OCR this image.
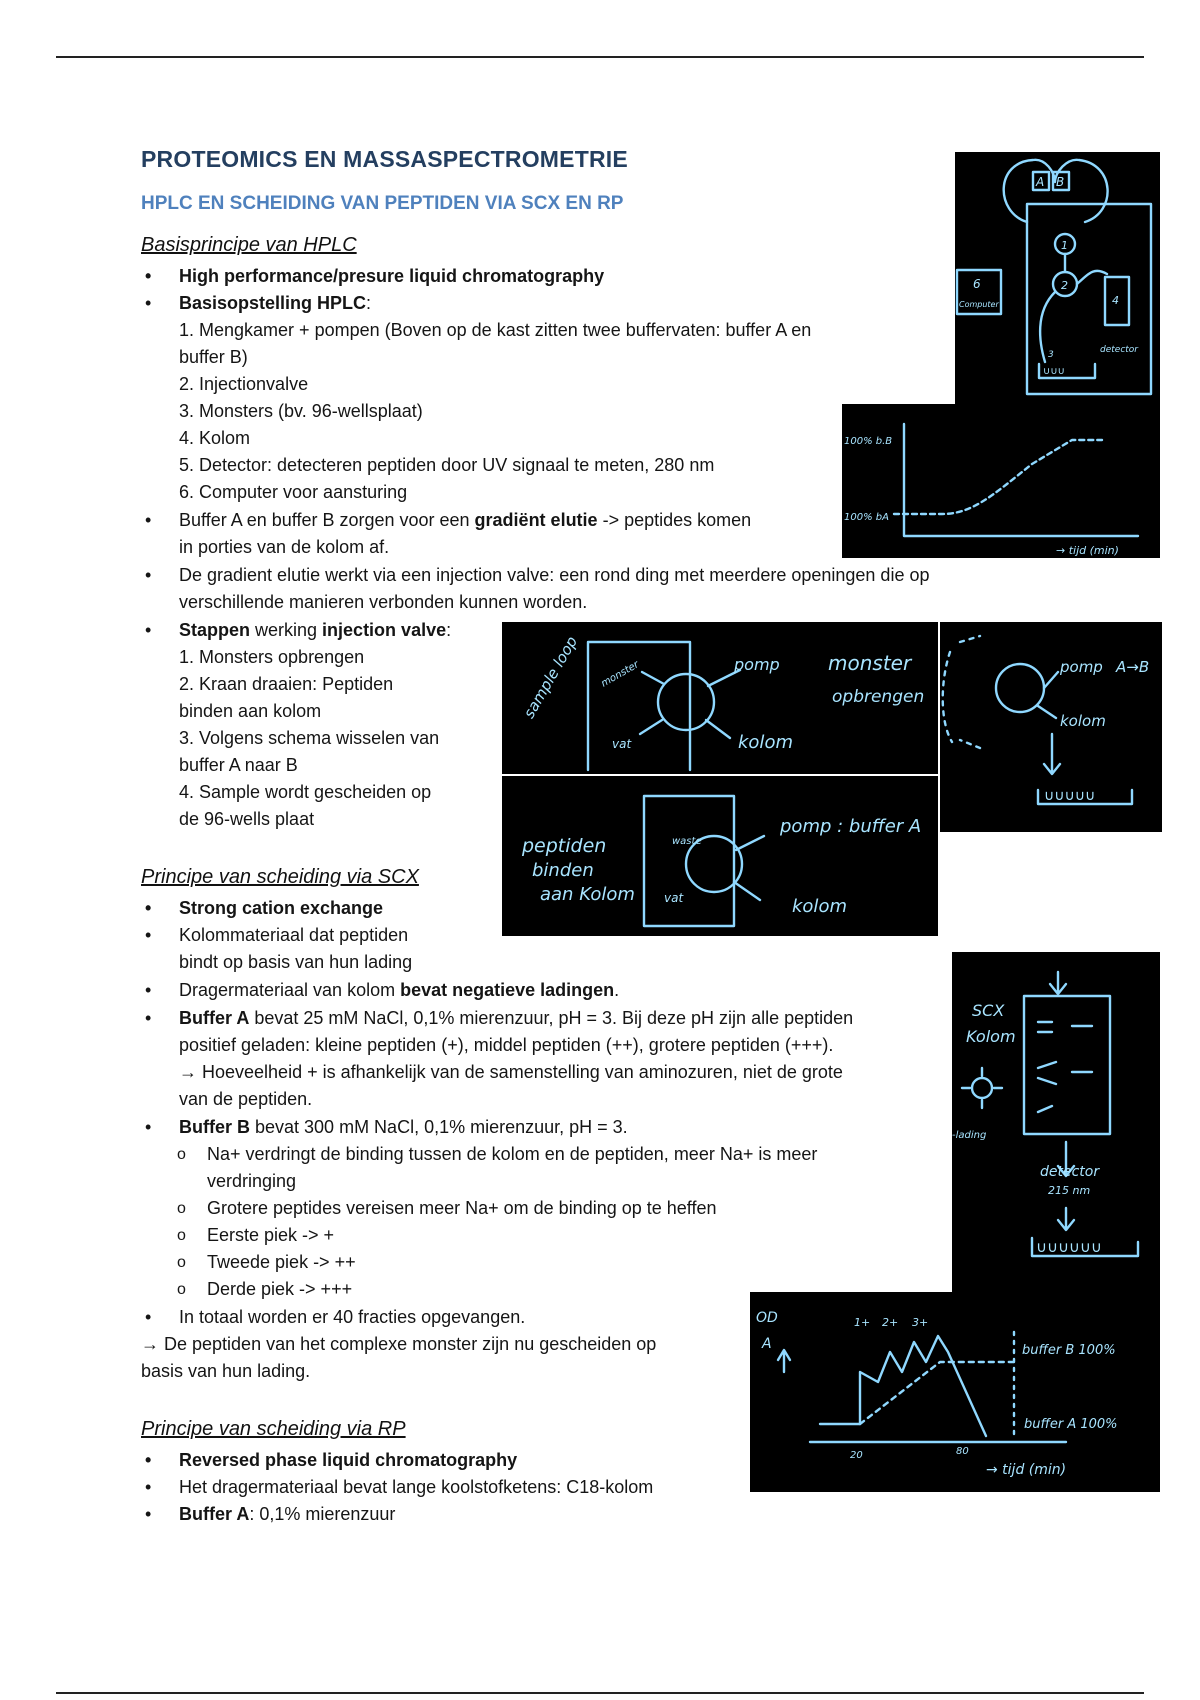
PROTEOMICS EN MASSASPECTROMETRIE
HPLC EN SCHEIDING VAN PEPTIDEN VIA SCX EN RP
Basisprincipe van HPLC
• High performance/presure liquid chromatography
• Basisopstelling HPLC:
1. Mengkamer + pompen (Boven op de kast zitten twee buffervaten: buffer A en
buffer B)
2. Injectionvalve
3. Monsters (bv. 96-wellsplaat)
4. Kolom
5. Detector: detecteren peptiden door UV signaal te meten, 280 nm
6. Computer voor aansturing
• Buffer A en buffer B zorgen voor een gradiënt elutie -> peptides komen
in porties van de kolom af.
• De gradient elutie werkt via een injection valve: een rond ding met meerdere openingen die op
verschillende manieren verbonden kunnen worden.
• Stappen werking injection valve:
1. Monsters opbrengen
2. Kraan draaien: Peptiden
binden aan kolom
3. Volgens schema wisselen van
buffer A naar B
4. Sample wordt gescheiden op
de 96-wells plaat
Principe van scheiding via SCX
• Strong cation exchange
• Kolommateriaal dat peptiden
bindt op basis van hun lading
• Dragermateriaal van kolom bevat negatieve ladingen.
• Buffer A bevat 25 mM NaCl, 0,1% mierenzuur, pH = 3. Bij deze pH zijn alle peptiden
positief geladen: kleine peptiden (+), middel peptiden (++), grotere peptiden (+++).
→ Hoeveelheid + is afhankelijk van de samenstelling van aminozuren, niet de grote
van de peptiden.
• Buffer B bevat 300 mM NaCl, 0,1% mierenzuur, pH = 3.
o Na+ verdringt de binding tussen de kolom en de peptiden, meer Na+ is meer
verdringing
o Grotere peptides vereisen meer Na+ om de binding op te heffen
o Eerste piek -> +
o Tweede piek -> ++
o Derde piek -> +++
• In totaal worden er 40 fracties opgevangen.
→ De peptiden van het complexe monster zijn nu gescheiden op
basis van hun lading.
Principe van scheiding via RP
• Reversed phase liquid chromatography
• Het dragermateriaal bevat lange koolstofketens: C18-kolom
• Buffer A: 0,1% mierenzuur
A B
1
2
4
3
∪∪∪
detector
6
Computer
100% b.B
100% bA
→ tijd (min)
sample loop monster	pomp
kolom
vat
monster
opbrengen
pomp A→B
kolom
∪∪∪∪∪
peptiden
binden
aan Kolom
waste
vat
pomp : buffer A
kolom
SCX
Kolom
-lading
detector
215 nm
∪∪∪∪∪∪
OD
A
1+ 2+ 3+
buffer B 100%
buffer A 100%
20	80
→ tijd (min)
